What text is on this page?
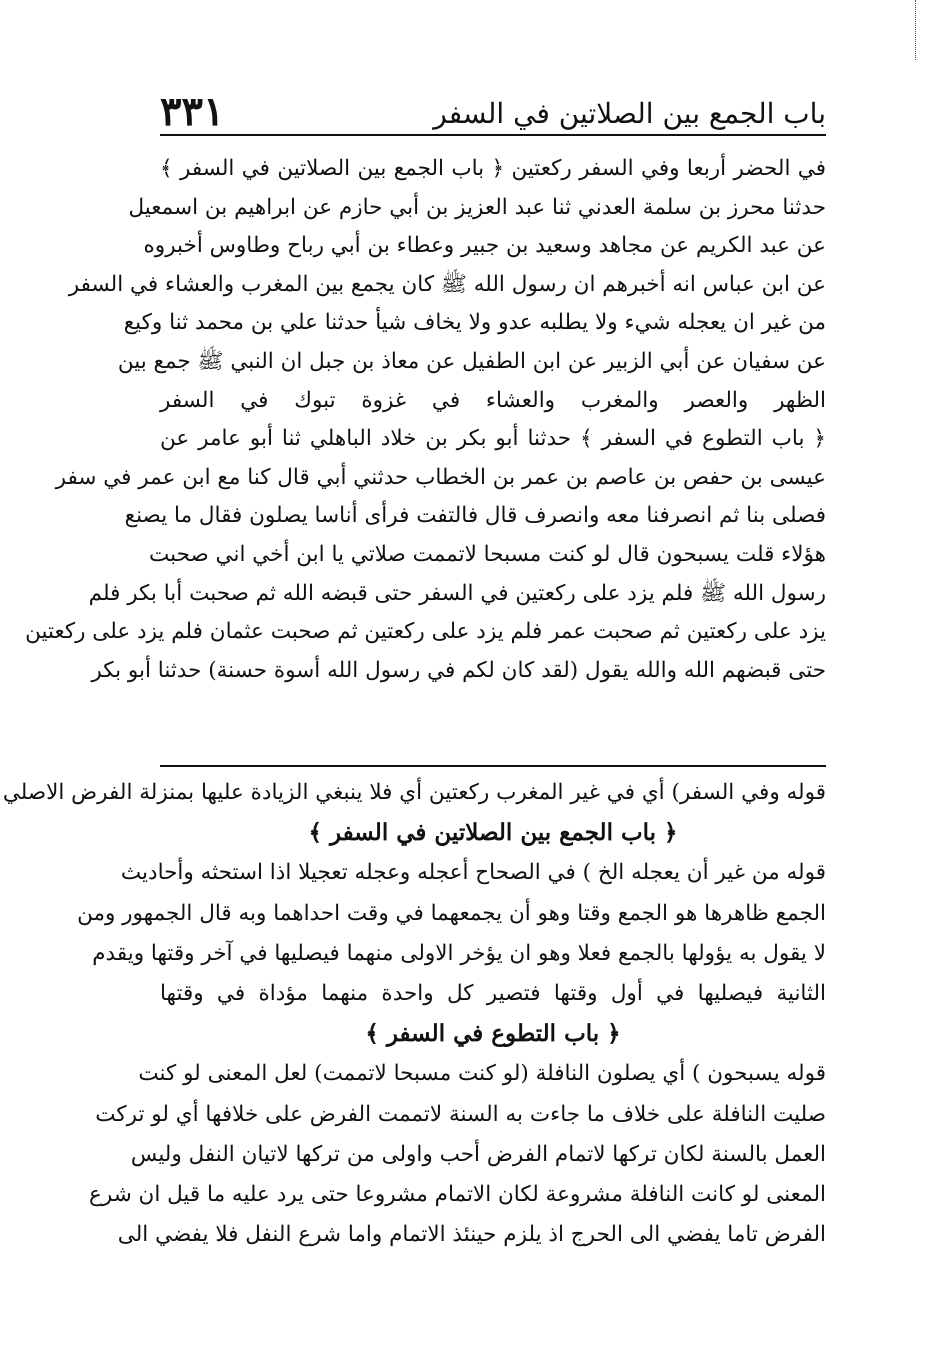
باب الجمع بين الصلاتين في السفر
٣٣١
في الحضر أربعا وفي السفر ركعتين ﴿ باب الجمع بين الصلاتين في السفر ﴾
حدثنا محرز بن سلمة العدني ثنا عبد العزيز بن أبي حازم عن ابراهيم بن اسمعيل
عن عبد الكريم عن مجاهد وسعيد بن جبير وعطاء بن أبي رباح وطاوس أخبروه
عن ابن عباس انه أخبرهم ان رسول الله ﷺ كان يجمع بين المغرب والعشاء في السفر
من غير ان يعجله شيء ولا يطلبه عدو ولا يخاف شيأ حدثنا علي بن محمد ثنا وكيع
عن سفيان عن أبي الزبير عن ابن الطفيل عن معاذ بن جبل ان النبي ﷺ جمع بين
الظهر والعصر والمغرب والعشاء في غزوة تبوك في السفر
﴿ باب التطوع في السفر ﴾ حدثنا أبو بكر بن خلاد الباهلي ثنا أبو عامر عن
عيسى بن حفص بن عاصم بن عمر بن الخطاب حدثني أبي قال كنا مع ابن عمر في سفر
فصلى بنا ثم انصرفنا معه وانصرف قال فالتفت فرأى أناسا يصلون فقال ما يصنع
هؤلاء قلت يسبحون قال لو كنت مسبحا لاتممت صلاتي يا ابن أخي اني صحبت
رسول الله ﷺ فلم يزد على ركعتين في السفر حتى قبضه الله ثم صحبت أبا بكر فلم
يزد على ركعتين ثم صحبت عمر فلم يزد على ركعتين ثم صحبت عثمان فلم يزد على ركعتين
حتى قبضهم الله والله يقول (لقد كان لكم في رسول الله أسوة حسنة) حدثنا أبو بكر
قوله وفي السفر) أي في غير المغرب ركعتين أي فلا ينبغي الزيادة عليها بمنزلة الفرض الاصلي
﴿ باب الجمع بين الصلاتين في السفر ﴾
قوله من غير أن يعجله الخ ) في الصحاح أعجله وعجله تعجيلا اذا استحثه وأحاديث
الجمع ظاهرها هو الجمع وقتا وهو أن يجمعهما في وقت احداهما وبه قال الجمهور ومن
لا يقول به يؤولها بالجمع فعلا وهو ان يؤخر الاولى منهما فيصليها في آخر وقتها ويقدم
الثانية فيصليها في أول وقتها فتصير كل واحدة منهما مؤداة في وقتها
﴿ باب التطوع في السفر ﴾
قوله يسبحون ) أي يصلون النافلة (لو كنت مسبحا لاتممت) لعل المعنى لو كنت
صليت النافلة على خلاف ما جاءت به السنة لاتممت الفرض على خلافها أي لو تركت
العمل بالسنة لكان تركها لاتمام الفرض أحب واولى من تركها لاتيان النفل وليس
المعنى لو كانت النافلة مشروعة لكان الاتمام مشروعا حتى يرد عليه ما قيل ان شرع
الفرض تاما يفضي الى الحرج اذ يلزم حينئذ الاتمام واما شرع النفل فلا يفضي الى
